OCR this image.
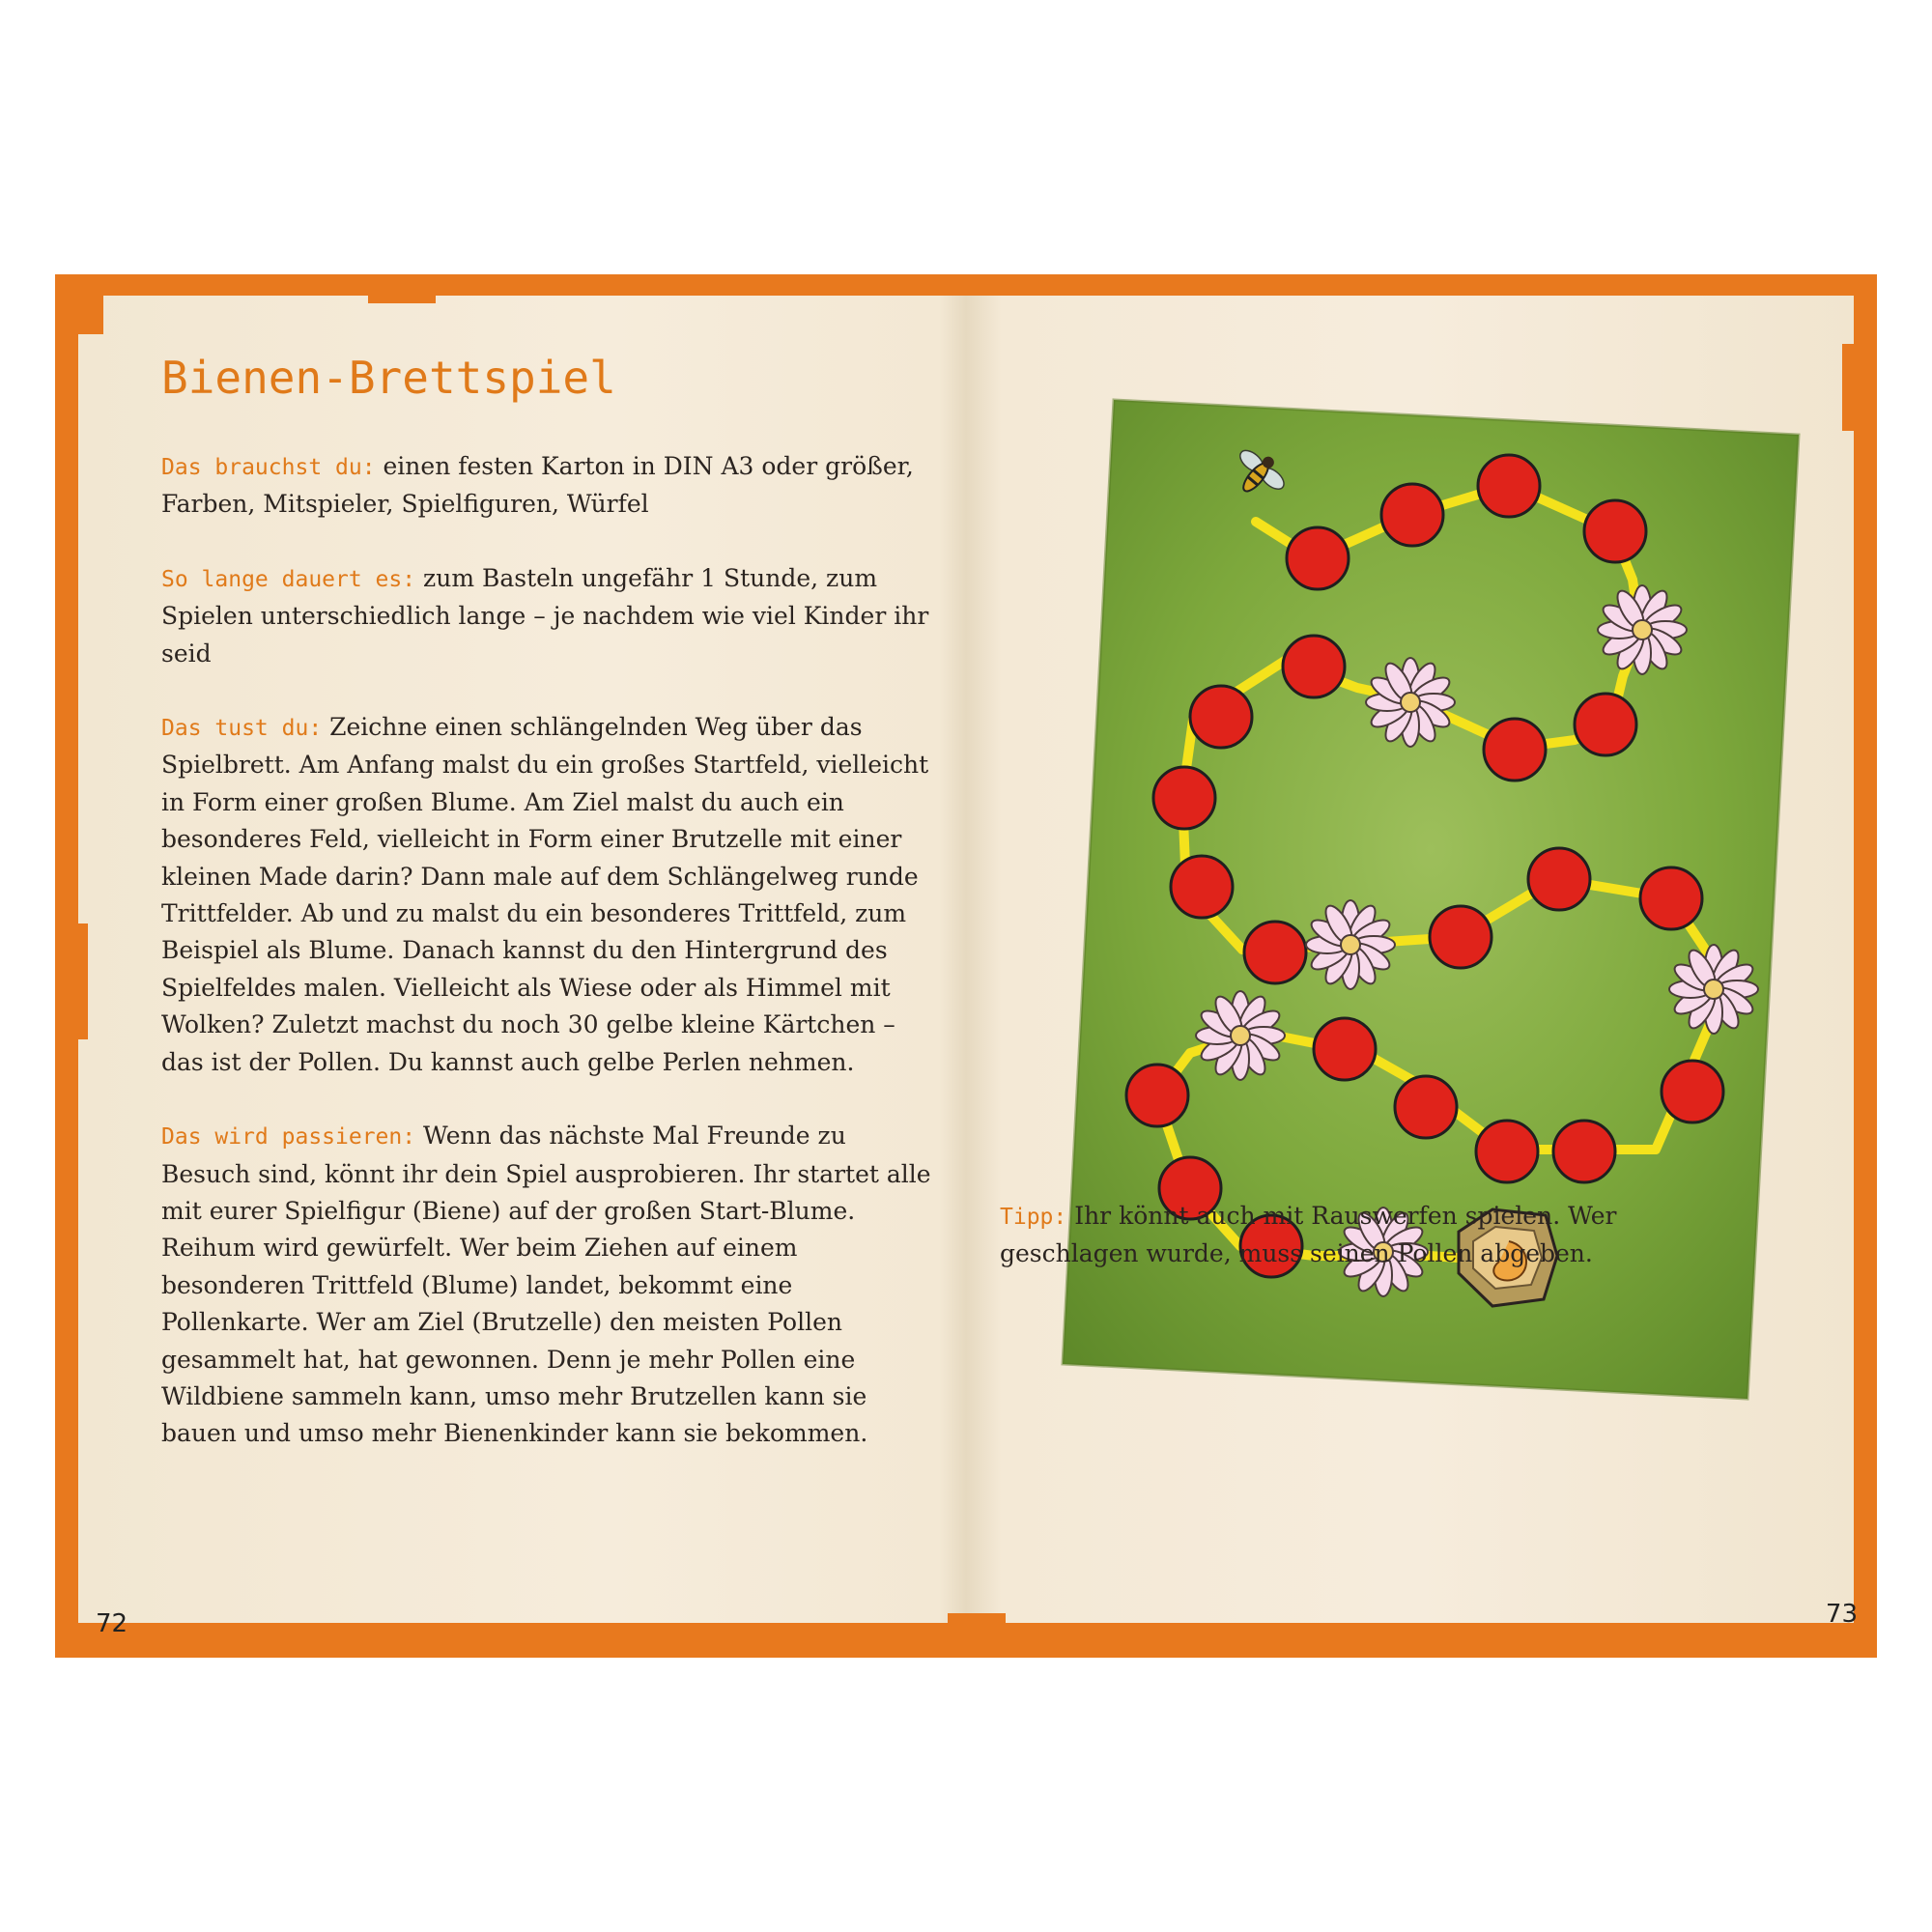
Bienen-Brettspiel

Das brauchst du: einen festen Karton in DIN A3 oder größer, Farben, Mitspieler, Spielfiguren, Würfel

So lange dauert es: zum Basteln ungefähr 1 Stunde, zum Spielen unterschiedlich lange – je nachdem wie viel Kinder ihr seid

Das tust du: Zeichne einen schlängelnden Weg über das Spielbrett. Am Anfang malst du ein großes Startfeld, vielleicht in Form einer großen Blume. Am Ziel malst du auch ein besonderes Feld, vielleicht in Form einer Brutzelle mit einer kleinen Made darin? Dann male auf dem Schlängelweg runde Trittfelder. Ab und zu malst du ein besonderes Trittfeld, zum Beispiel als Blume. Danach kannst du den Hintergrund des Spielfeldes malen. Vielleicht als Wiese oder als Himmel mit Wolken? Zuletzt machst du noch 30 gelbe kleine Kärtchen – das ist der Pollen. Du kannst auch gelbe Perlen nehmen.

Das wird passieren: Wenn das nächste Mal Freunde zu Besuch sind, könnt ihr dein Spiel ausprobieren. Ihr startet alle mit eurer Spielfigur (Biene) auf der großen Start-Blume. Reihum wird gewürfelt. Wer beim Ziehen auf einem besonderen Trittfeld (Blume) landet, bekommt eine Pollenkarte. Wer am Ziel (Brutzelle) den meisten Pollen gesammelt hat, hat gewonnen. Denn je mehr Pollen eine Wildbiene sammeln kann, umso mehr Brutzellen kann sie bauen und umso mehr Bienenkinder kann sie bekommen.

72

Tipp: Ihr könnt auch mit Rauswerfen spielen. Wer geschlagen wurde, muss seinen Pollen abgeben.

73
